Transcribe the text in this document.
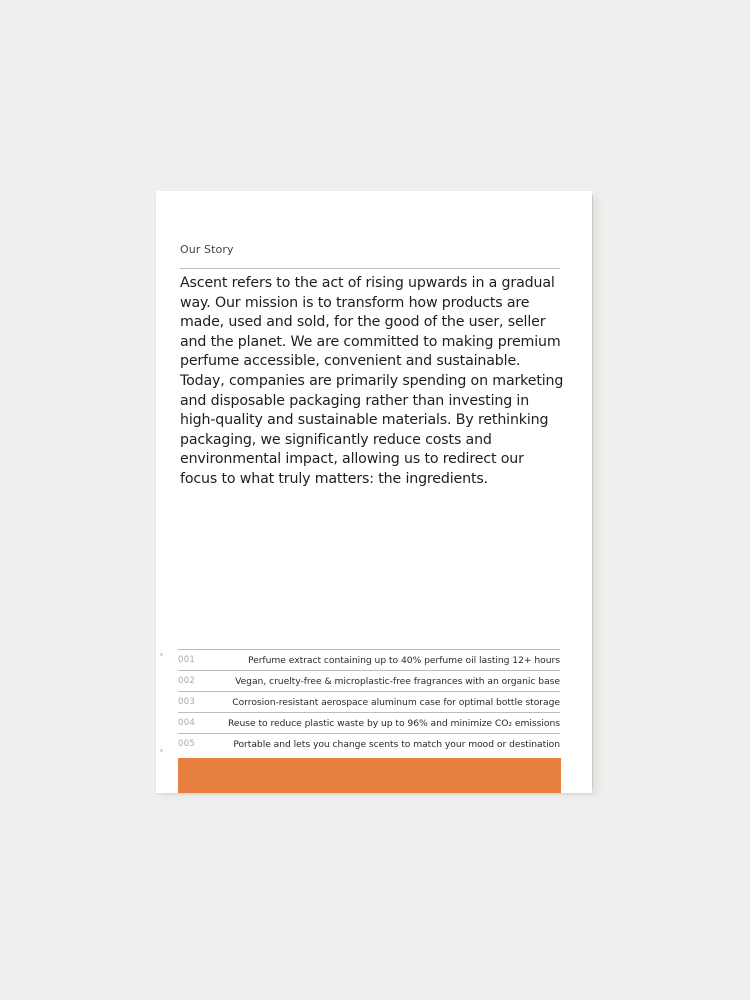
Our Story

Ascent refers to the act of rising upwards in a gradual way. Our mission is to transform how products are made, used and sold, for the good of the user, seller and the planet. We are committed to making premium perfume accessible, convenient and sustainable. Today, companies are primarily spending on marketing and disposable packaging rather than investing in high-quality and sustainable materials. By rethinking packaging, we significantly reduce costs and environmental impact, allowing us to redirect our focus to what truly matters: the ingredients.

001	Perfume extract containing up to 40% perfume oil lasting 12+ hours
002	Vegan, cruelty-free & microplastic-free fragrances with an organic base
003	Corrosion-resistant aerospace aluminum case for optimal bottle storage
004	Reuse to reduce plastic waste by up to 96% and minimize CO₂ emissions
005	Portable and lets you change scents to match your mood or destination
